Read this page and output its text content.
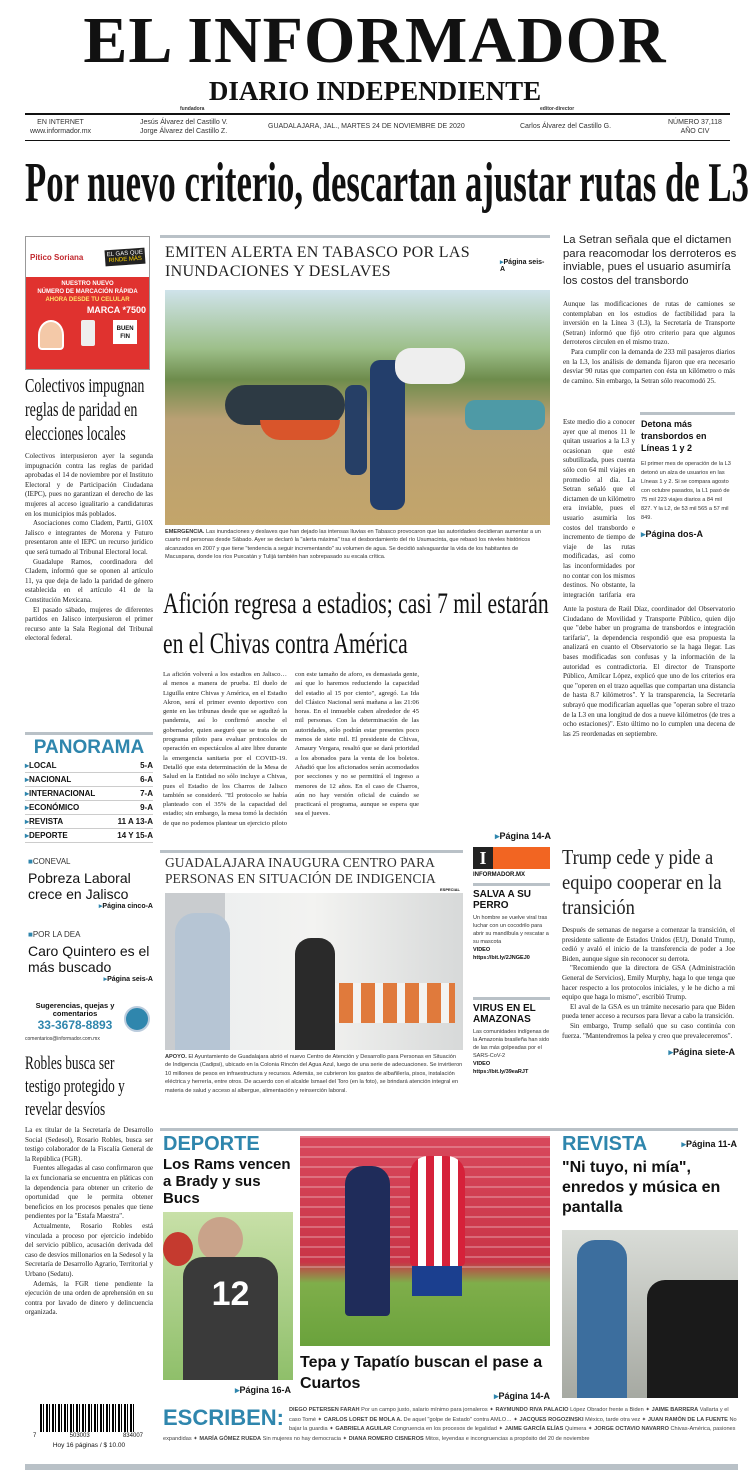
EL INFORMADOR
DIARIO INDEPENDIENTE
fundadora	editor-director
EN INTERNET
www.informador.mx
Jesús Álvarez del Castillo V.
Jorge Álvarez del Castillo Z.
GUADALAJARA, JAL., MARTES 24 DE NOVIEMBRE DE 2020	Carlos Álvarez del Castillo G.
NÚMERO 37,118
AÑO CIV
Por nuevo criterio, descartan ajustar rutas de L3
Pitico Soriana	EL GAS QUE
RINDE MÁS
NUESTRO NUEVO
NÚMERO DE MARCACIÓN RÁPIDA
AHORA DESDE TU CELULAR
MARCA *7500
BUEN FIN
Colectivos impugnan reglas de paridad en elecciones locales

Colectivos interpusieron ayer la segunda impugnación contra las reglas de paridad aprobadas el 14 de noviembre por el Instituto Electoral y de Participación Ciudadana (IEPC), pues no garantizan el derecho de las mujeres al acceso igualitario a candidaturas en los municipios más poblados.

Asociaciones como Cladem, Partti, G10X Jalisco e integrantes de Morena y Futuro presentaron ante el IEPC un recurso jurídico que será turnado al Tribunal Electoral local.

Guadalupe Ramos, coordinadora del Cladem, informó que se oponen al artículo 11, ya que deja de lado la paridad de género establecida en el artículo 41 de la Constitución Mexicana.

El pasado sábado, mujeres de diferentes partidos en Jalisco interpusieron el primer recurso ante la Sala Regional del Tribunal electoral federal.

PANORAMA
▸ LOCAL	5-A
▸ NACIONAL	6-A
▸ INTERNACIONAL	7-A
▸ ECONÓMICO	9-A
▸ REVISTA	11 A 13-A
▸ DEPORTE	14 Y 15-A
■ CONEVAL
Pobreza Laboral crece en Jalisco
▸ Página cinco-A
■ POR LA DEA
Caro Quintero es el más buscado
▸ Página seis-A
Sugerencias, quejas y comentarios
33-3678-8893
comentarios@informador.com.mx
Robles busca ser testigo protegido y revelar desvíos

La ex titular de la Secretaría de Desarrollo Social (Sedesol), Rosario Robles, busca ser testigo colaborador de la Fiscalía General de la República (FGR).

Fuentes allegadas al caso confirmaron que la ex funcionaria se encuentra en pláticas con la dependencia para obtener un criterio de oportunidad que le permita obtener beneficios en los procesos penales que tiene pendientes por la "Estafa Maestra".

Actualmente, Rosario Robles está vinculada a proceso por ejercicio indebido del servicio público, acusación derivada del caso de desvíos millonarios en la Sedesol y la Secretaría de Desarrollo Agrario, Territorial y Urbano (Sedatu).

Además, la FGR tiene pendiente la ejecución de una orden de aprehensión en su contra por lavado de dinero y delincuencia organizada.

7	503003	834007
Hoy 16 páginas / $ 10.00
EMITEN ALERTA EN TABASCO POR LAS INUNDACIONES Y DESLAVES
▸ Página seis-A
EMERGENCIA. Las inundaciones y deslaves que han dejado las intensas lluvias en Tabasco provocaron que las autoridades decidieran aumentar a un cuarto mil personas desde Sábado. Ayer se declaró la "alerta máxima" tras el desbordamiento del río Usumacinta, que rebasó los niveles históricos alcanzados en 2007 y que tiene "tendencia a seguir incrementando" su volumen de agua. Se decidió salvaguardar la vida de los habitantes de Macuspana, donde los ríos Puxcatán y Tulijá también han sobrepasado su escala crítica.
Afición regresa a estadios; casi 7 mil estarán en el Chivas contra América
La afición volverá a los estadios en Jalisco… al menos a manera de prueba. El duelo de Liguilla entre Chivas y América, en el Estadio Akron, será el primer evento deportivo con gente en las tribunas desde que se agudizó la pandemia, así lo confirmó anoche el gobernador, quien aseguró que se trata de un programa piloto para evaluar protocolos de operación en espectáculos al aire libre durante la emergencia sanitaria por el COVID-19. Detalló que esta determinación de la Mesa de Salud en la Entidad no sólo incluye a Chivas, pues el Estadio de los Charros de Jalisco también se consideró. "El protocolo se había planteado con el 35% de la capacidad del estadio; sin embargo, la mesa tomó la decisión de que no podemos plantear un ejercicio piloto con este tamaño de aforo, es demasiada gente, así que lo haremos reduciendo la capacidad del estadio al 15 por ciento", agregó. La Ida del Clásico Nacional será mañana a las 21:06 horas. En el inmueble caben alrededor de 45 mil personas. Con la determinación de las autoridades, sólo podrán estar presentes poco menos de siete mil. El presidente de Chivas, Amaury Vergara, resaltó que se dará prioridad a los abonados para la venta de los boletos. Añadió que los aficionados serán acomodados por secciones y no se permitirá el ingreso a menores de 12 años. En el caso de Charros, aún no hay versión oficial de cuándo se practicará el programa, aunque se espera que sea el jueves.
▸ Página 14-A
GUADALAJARA INAUGURA CENTRO PARA PERSONAS EN SITUACIÓN DE INDIGENCIA
ESPECIAL
APOYO. El Ayuntamiento de Guadalajara abrió el nuevo Centro de Atención y Desarrollo para Personas en Situación de Indigencia (Cadipsi), ubicado en la Colonia Rincón del Agua Azul, luego de una serie de adecuaciones. Se invirtieron 10 millones de pesos en infraestructura y recursos. Además, se cubrieron los gastos de albañilería, pisos, instalación eléctrica y herrería, entre otros. De acuerdo con el alcalde Ismael del Toro (en la foto), se brindará atención integral en materia de salud y acceso al albergue, alimentación y reinserción laboral.
I
INFORMADOR.MX
SALVA A SU PERRO
Un hombre se vuelve viral tras luchar con un cocodrilo para abrir su mandíbula y rescatar a su mascota
VIDEO
https://bit.ly/2JNGEJ0
VIRUS EN EL AMAZONAS
Las comunidades indígenas de la Amazonia brasileña han sido de las más golpeadas por el SARS-CoV-2
VIDEO
https://bit.ly/39eaRJT
La Setran señala que el dictamen para reacomodar los derroteros es inviable, pues el usuario asumiría los costos del transbordo

Aunque las modificaciones de rutas de camiones se contemplaban en los estudios de factibilidad para la inversión en la Línea 3 (L3), la Secretaría de Transporte (Setran) informó que fijó otro criterio para que algunos derroteros circulen en el mismo trazo.

Para cumplir con la demanda de 233 mil pasajeros diarios en la L3, los análisis de demanda fijaron que era necesario desviar 90 rutas que comparten con ésta un kilómetro o más de camino. Sin embargo, la Setran sólo reacomodó 25.

Este medio dio a conocer ayer que al menos 11 le quitan usuarios a la L3 y ocasionan que esté subutilizada, pues cuenta sólo con 64 mil viajes en promedio al día. La Setran señaló que el dictamen de un kilómetro era inviable, pues el usuario asumiría los costos del transbordo e incremento de tiempo de viaje de las rutas modificadas, así como las inconformidades por no contar con los mismos destinos. No obstante, la integración tarifaria era
Detona más transbordos en Líneas 1 y 2
El primer mes de operación de la L3 detonó un alza de usuarios en las Líneas 1 y 2. Si se compara agosto con octubre pasados, la L1 pasó de 75 mil 223 viajes diarios a 84 mil 827. Y la L2, de 53 mil 565 a 57 mil 849.
▸ Página dos-A
Ante la postura de Raúl Díaz, coordinador del Observatorio Ciudadano de Movilidad y Transporte Público, quien dijo que "debe haber un programa de transbordos e integración tarifaria", la dependencia respondió que esa propuesta la analizará en cuanto el Observatorio se la haga llegar. Las bases modificadas son confusas y la información de la autoridad es contradictoria. El director de Transporte Público, Amílcar López, explicó que uno de los criterios era que "operen en el trazo aquellas que compartan una distancia de hasta 8.7 kilómetros". Y la transparencia, la Secretaría subrayó que modificarían aquellas que "operan sobre el trazo de la L3 en una longitud de dos a nueve kilómetros (de tres a ocho estaciones)". Esto último no lo cumplen una decena de las 25 reordenadas en septiembre.
Trump cede y pide a equipo cooperar en la transición

Después de semanas de negarse a comenzar la transición, el presidente saliente de Estados Unidos (EU), Donald Trump, cedió y avaló el inicio de la transferencia de poder a Joe Biden, aunque sigue sin reconocer su derrota.

"Recomiendo que la directora de GSA (Administración General de Servicios), Emily Murphy, haga lo que tenga que hacer respecto a los protocolos iniciales, y le he dicho a mi equipo que haga lo mismo", escribió Trump.

El aval de la GSA es un trámite necesario para que Biden pueda tener acceso a recursos para llevar a cabo la transición.

Sin embargo, Trump señaló que su caso continúa con fuerza. "Mantendremos la pelea y creo que prevaleceremos".

▸ Página siete-A
DEPORTE
Los Rams vencen a Brady y sus Bucs
12
▸ Página 16-A
Tepa y Tapatío buscan el pase a Cuartos
▸ Página 14-A
REVISTA	▸ Página 11-A
"Ni tuyo, ni mía", enredos y música en pantalla
ESCRIBEN: DIEGO PETERSEN FARAH Por un campo justo, salario mínimo para jornaleros ✦ RAYMUNDO RIVA PALACIO López Obrador frente a Biden ✦ JAIME BARRERA Vallarta y el caso Tomé ✦ CARLOS LORET DE MOLA A. De aquel "golpe de Estado" contra AMLO… ✦ JACQUES ROGOZINSKI México, tarde otra vez ✦ JUAN RAMÓN DE LA FUENTE No bajar la guardia ✦ GABRIELA AGUILAR Congruencia en los procesos de legalidad ✦ JAIME GARCÍA ELÍAS Quimera ✦ JORGE OCTAVIO NAVARRO Chivas-América, pasiones expandidas ✦ MARÍA GÓMEZ RUEDA Sin mujeres no hay democracia ✦ DIANA ROMERO CISNEROS Mitos, leyendas e incongruencias a propósito del 20 de noviembre
